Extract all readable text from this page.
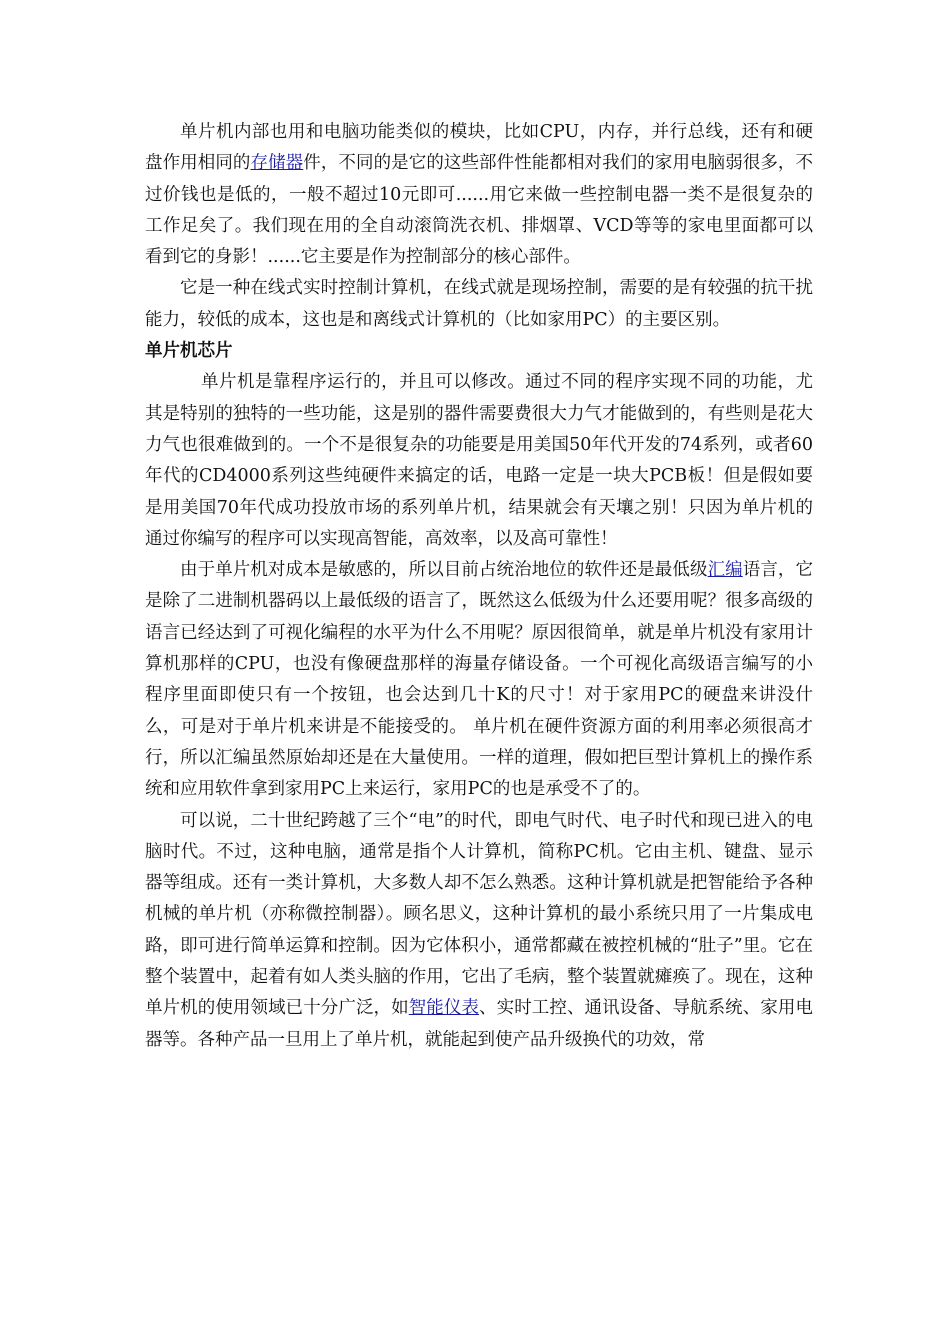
单片机内部也用和电脑功能类似的模块，比如CPU，内存，并行总线，还有和硬盘作用相同的存储器件，不同的是它的这些部件性能都相对我们的家用电脑弱很多，不过价钱也是低的，一般不超过10元即可......用它来做一些控制电器一类不是很复杂的工作足矣了。我们现在用的全自动滚筒洗衣机、排烟罩、VCD等等的家电里面都可以看到它的身影！......它主要是作为控制部分的核心部件。

它是一种在线式实时控制计算机，在线式就是现场控制，需要的是有较强的抗干扰能力，较低的成本，这也是和离线式计算机的（比如家用PC）的主要区别。

单片机芯片

单片机是靠程序运行的，并且可以修改。通过不同的程序实现不同的功能，尤其是特别的独特的一些功能，这是别的器件需要费很大力气才能做到的，有些则是花大力气也很难做到的。一个不是很复杂的功能要是用美国50年代开发的74系列，或者60年代的CD4000系列这些纯硬件来搞定的话，电路一定是一块大PCB板！但是假如要是用美国70年代成功投放市场的系列单片机，结果就会有天壤之别！只因为单片机的通过你编写的程序可以实现高智能，高效率，以及高可靠性！

由于单片机对成本是敏感的，所以目前占统治地位的软件还是最低级汇编语言，它是除了二进制机器码以上最低级的语言了，既然这么低级为什么还要用呢？很多高级的语言已经达到了可视化编程的水平为什么不用呢？原因很简单，就是单片机没有家用计算机那样的CPU，也没有像硬盘那样的海量存储设备。一个可视化高级语言编写的小程序里面即使只有一个按钮，也会达到几十K的尺寸！对于家用PC的硬盘来讲没什么，可是对于单片机来讲是不能接受的。 单片机在硬件资源方面的利用率必须很高才行，所以汇编虽然原始却还是在大量使用。一样的道理，假如把巨型计算机上的操作系统和应用软件拿到家用PC上来运行，家用PC的也是承受不了的。

可以说，二十世纪跨越了三个“电”的时代，即电气时代、电子时代和现已进入的电脑时代。不过，这种电脑，通常是指个人计算机，简称PC机。它由主机、键盘、显示器等组成。还有一类计算机，大多数人却不怎么熟悉。这种计算机就是把智能给予各种机械的单片机（亦称微控制器）。顾名思义，这种计算机的最小系统只用了一片集成电路，即可进行简单运算和控制。因为它体积小，通常都藏在被控机械的“肚子”里。它在整个装置中，起着有如人类头脑的作用，它出了毛病，整个装置就瘫痪了。现在，这种单片机的使用领域已十分广泛，如智能仪表、实时工控、通讯设备、导航系统、家用电器等。各种产品一旦用上了单片机，就能起到使产品升级换代的功效，常
